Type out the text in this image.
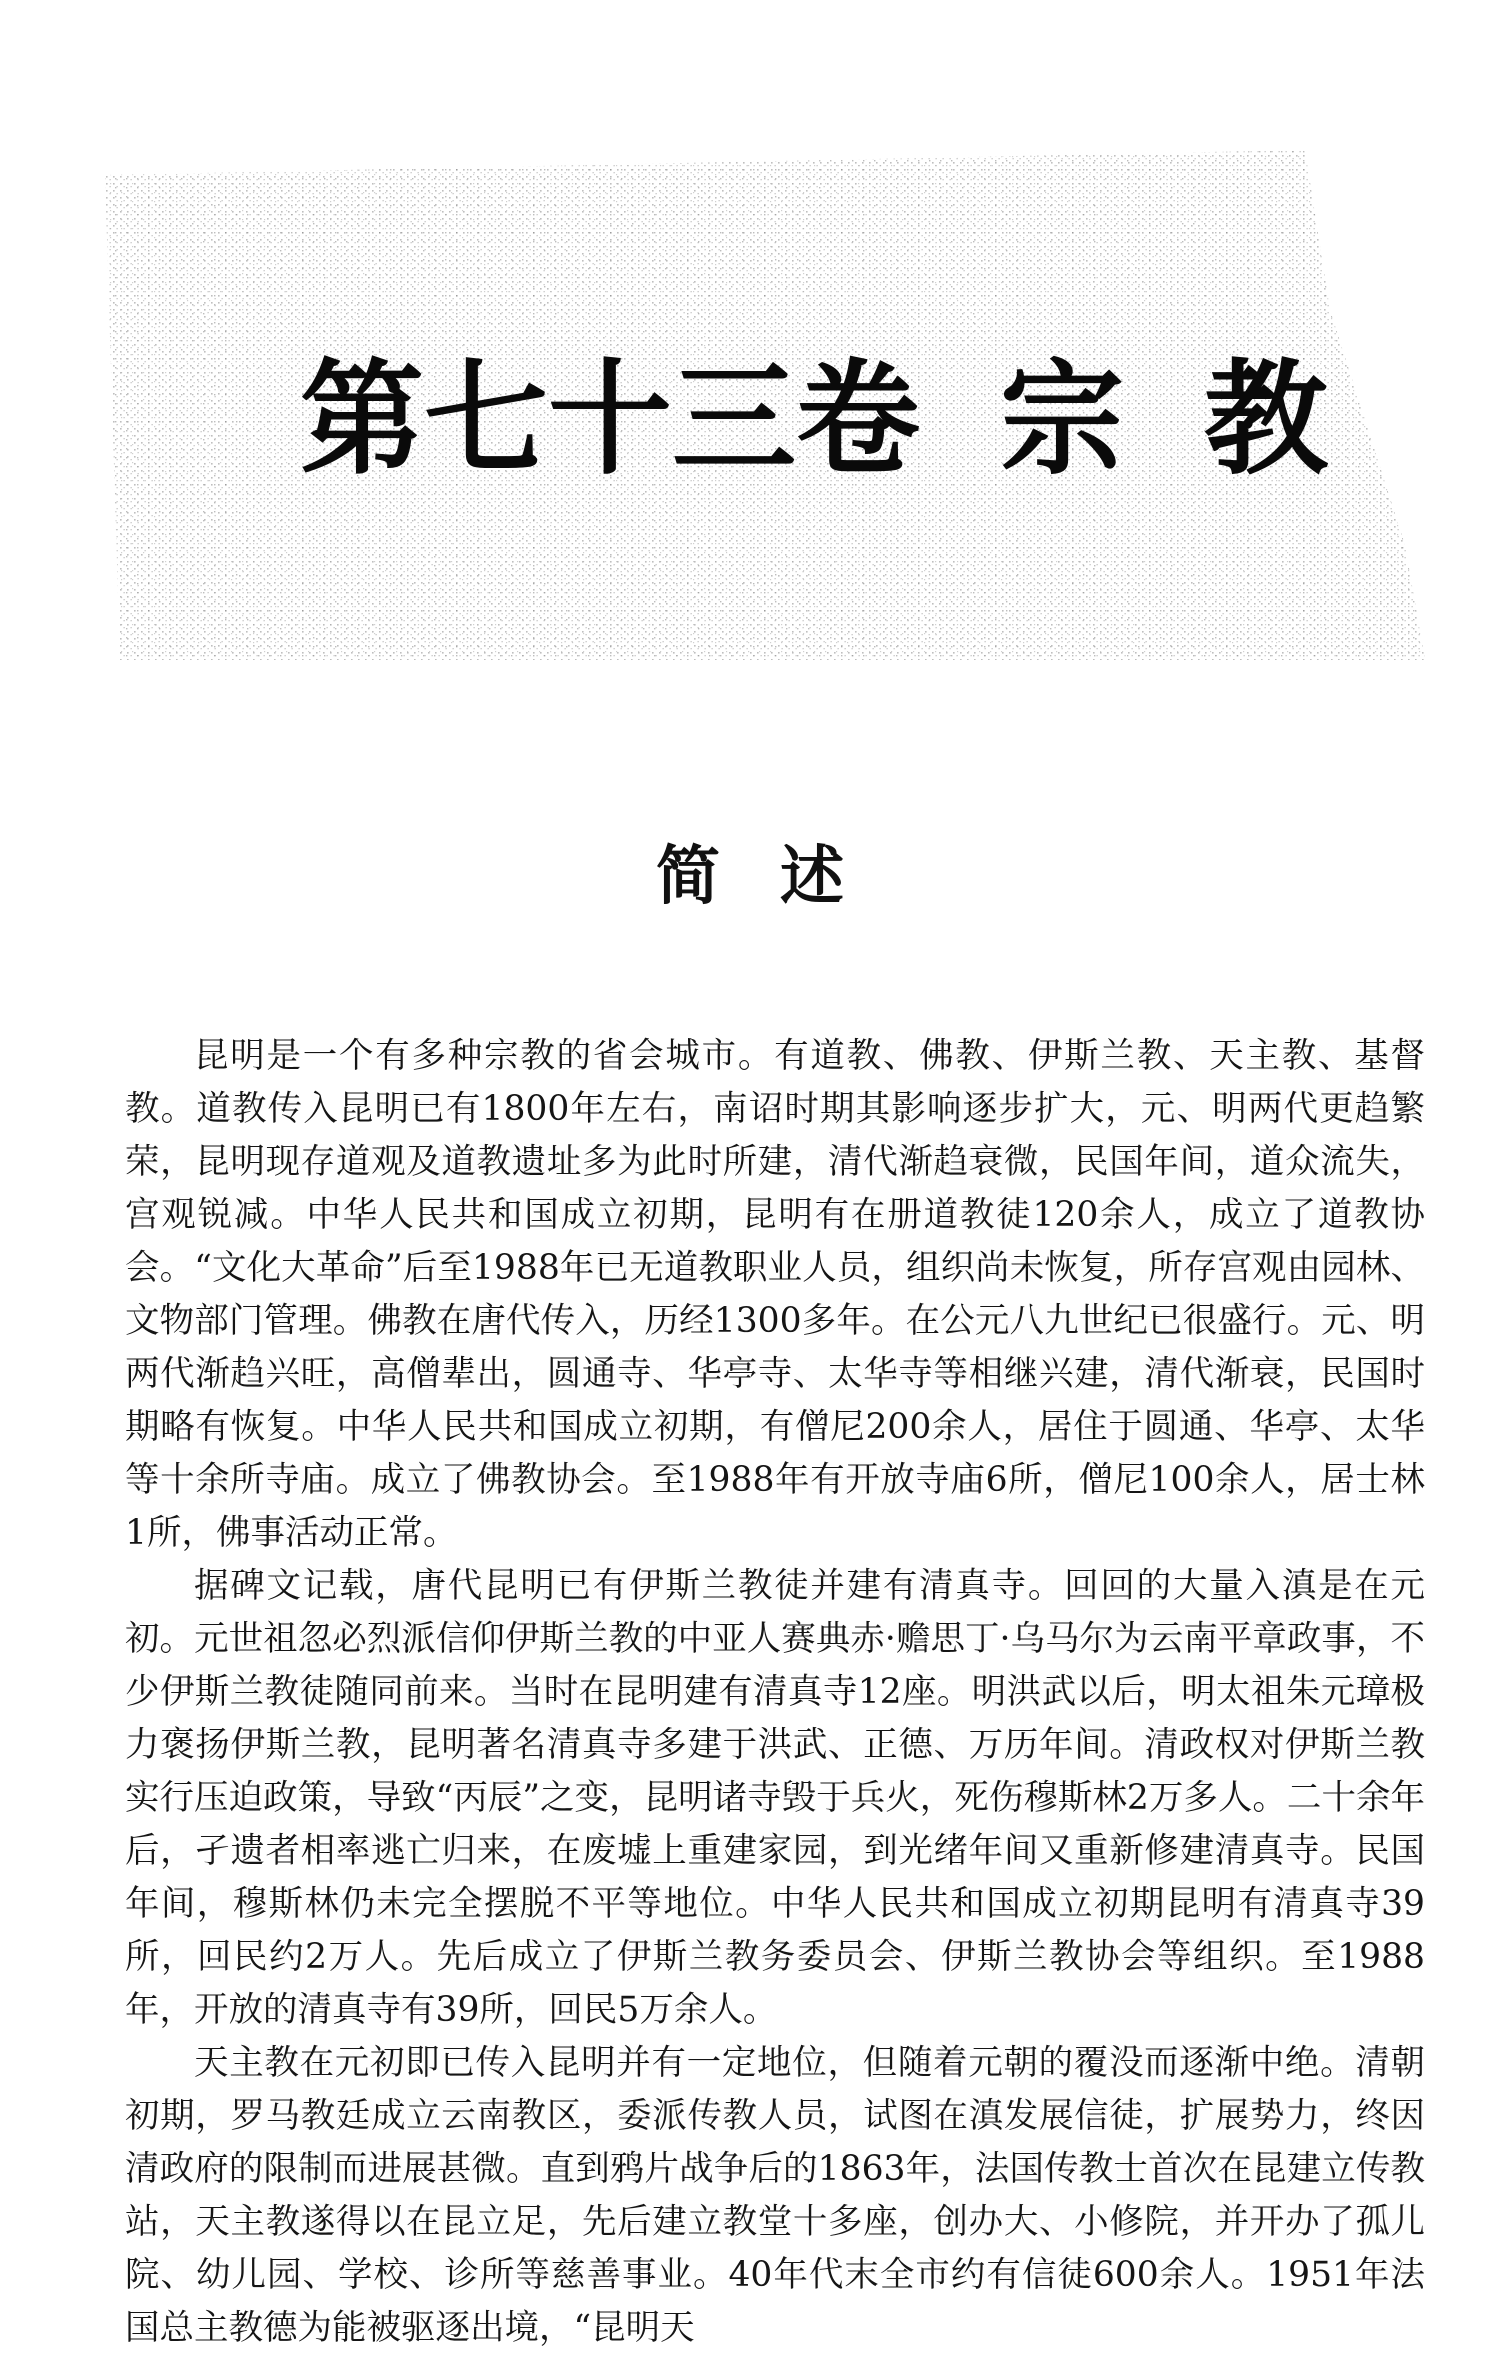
第七十三卷 宗教
简述

昆明是一个有多种宗教的省会城市。有道教、佛教、伊斯兰教、天主教、基督教。道教传入昆明已有1800年左右，南诏时期其影响逐步扩大，元、明两代更趋繁荣，昆明现存道观及道教遗址多为此时所建，清代渐趋衰微，民国年间，道众流失，宫观锐减。中华人民共和国成立初期，昆明有在册道教徒120余人，成立了道教协会。“文化大革命”后至1988年已无道教职业人员，组织尚未恢复，所存宫观由园林、文物部门管理。佛教在唐代传入，历经1300多年。在公元八九世纪已很盛行。元、明两代渐趋兴旺，高僧辈出，圆通寺、华亭寺、太华寺等相继兴建，清代渐衰，民国时期略有恢复。中华人民共和国成立初期，有僧尼200余人，居住于圆通、华亭、太华等十余所寺庙。成立了佛教协会。至1988年有开放寺庙6所，僧尼100余人，居士林1所，佛事活动正常。

据碑文记载，唐代昆明已有伊斯兰教徒并建有清真寺。回回的大量入滇是在元初。元世祖忽必烈派信仰伊斯兰教的中亚人赛典赤·赡思丁·乌马尔为云南平章政事，不少伊斯兰教徒随同前来。当时在昆明建有清真寺12座。明洪武以后，明太祖朱元璋极力褒扬伊斯兰教，昆明著名清真寺多建于洪武、正德、万历年间。清政权对伊斯兰教实行压迫政策，导致“丙辰”之变，昆明诸寺毁于兵火，死伤穆斯林2万多人。二十余年后，孑遗者相率逃亡归来，在废墟上重建家园，到光绪年间又重新修建清真寺。民国年间，穆斯林仍未完全摆脱不平等地位。中华人民共和国成立初期昆明有清真寺39所，回民约2万人。先后成立了伊斯兰教务委员会、伊斯兰教协会等组织。至1988年，开放的清真寺有39所，回民5万余人。

天主教在元初即已传入昆明并有一定地位，但随着元朝的覆没而逐渐中绝。清朝初期，罗马教廷成立云南教区，委派传教人员，试图在滇发展信徒，扩展势力，终因清政府的限制而进展甚微。直到鸦片战争后的1863年，法国传教士首次在昆建立传教站，天主教遂得以在昆立足，先后建立教堂十多座，创办大、小修院，并开办了孤儿院、幼儿园、学校、诊所等慈善事业。40年代末全市约有信徒600余人。1951年法国总主教德为能被驱逐出境，“昆明天
